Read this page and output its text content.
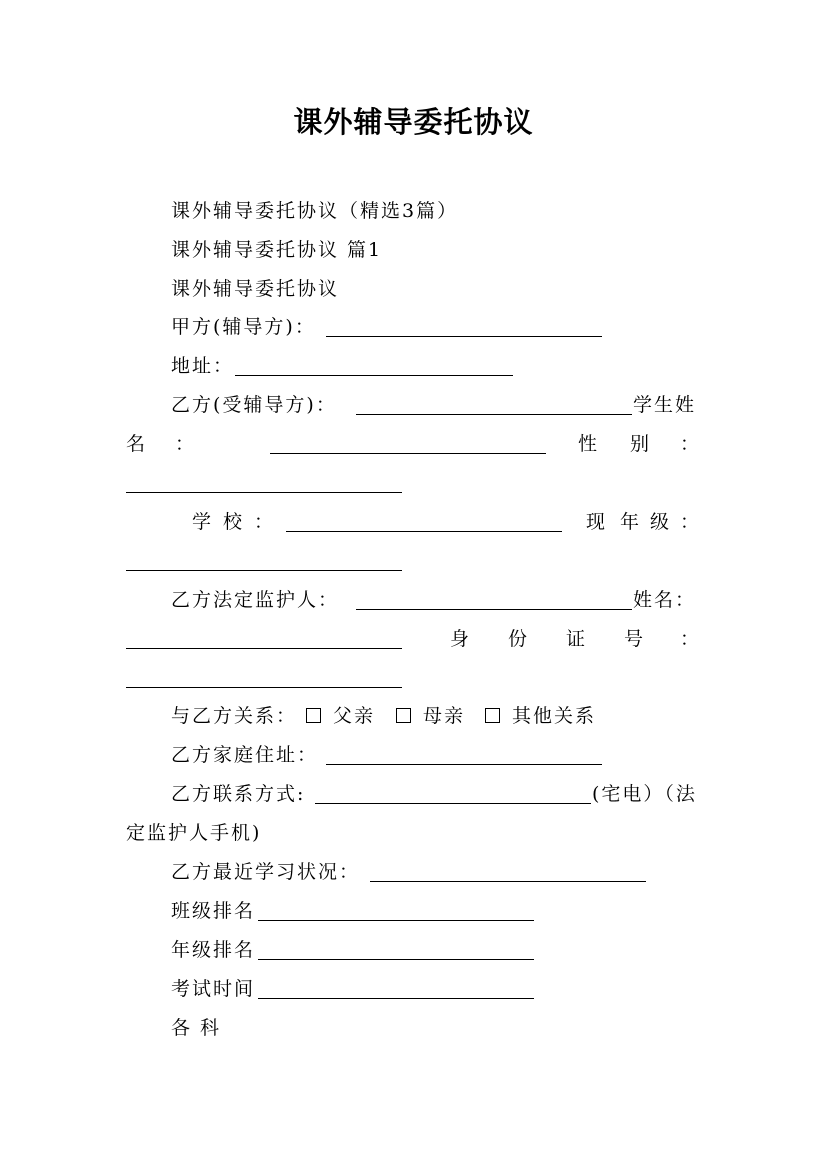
课外辅导委托协议
课外辅导委托协议（精选3篇）
课外辅导委托协议 篇1
课外辅导委托协议
甲方(辅导方)：
地址：
乙方(受辅导方)：	学生姓
名 ：	性 别 ：
学 校 ：	现 年 级 ：
乙方法定监护人：	姓名：
身 份 证 号 ：
与乙方关系：	父亲	母亲	其他关系
乙方家庭住址：
乙方联系方式:	(宅电）（法
定监护人手机)
乙方最近学习状况：
班级排名
年级排名
考试时间
各 科
